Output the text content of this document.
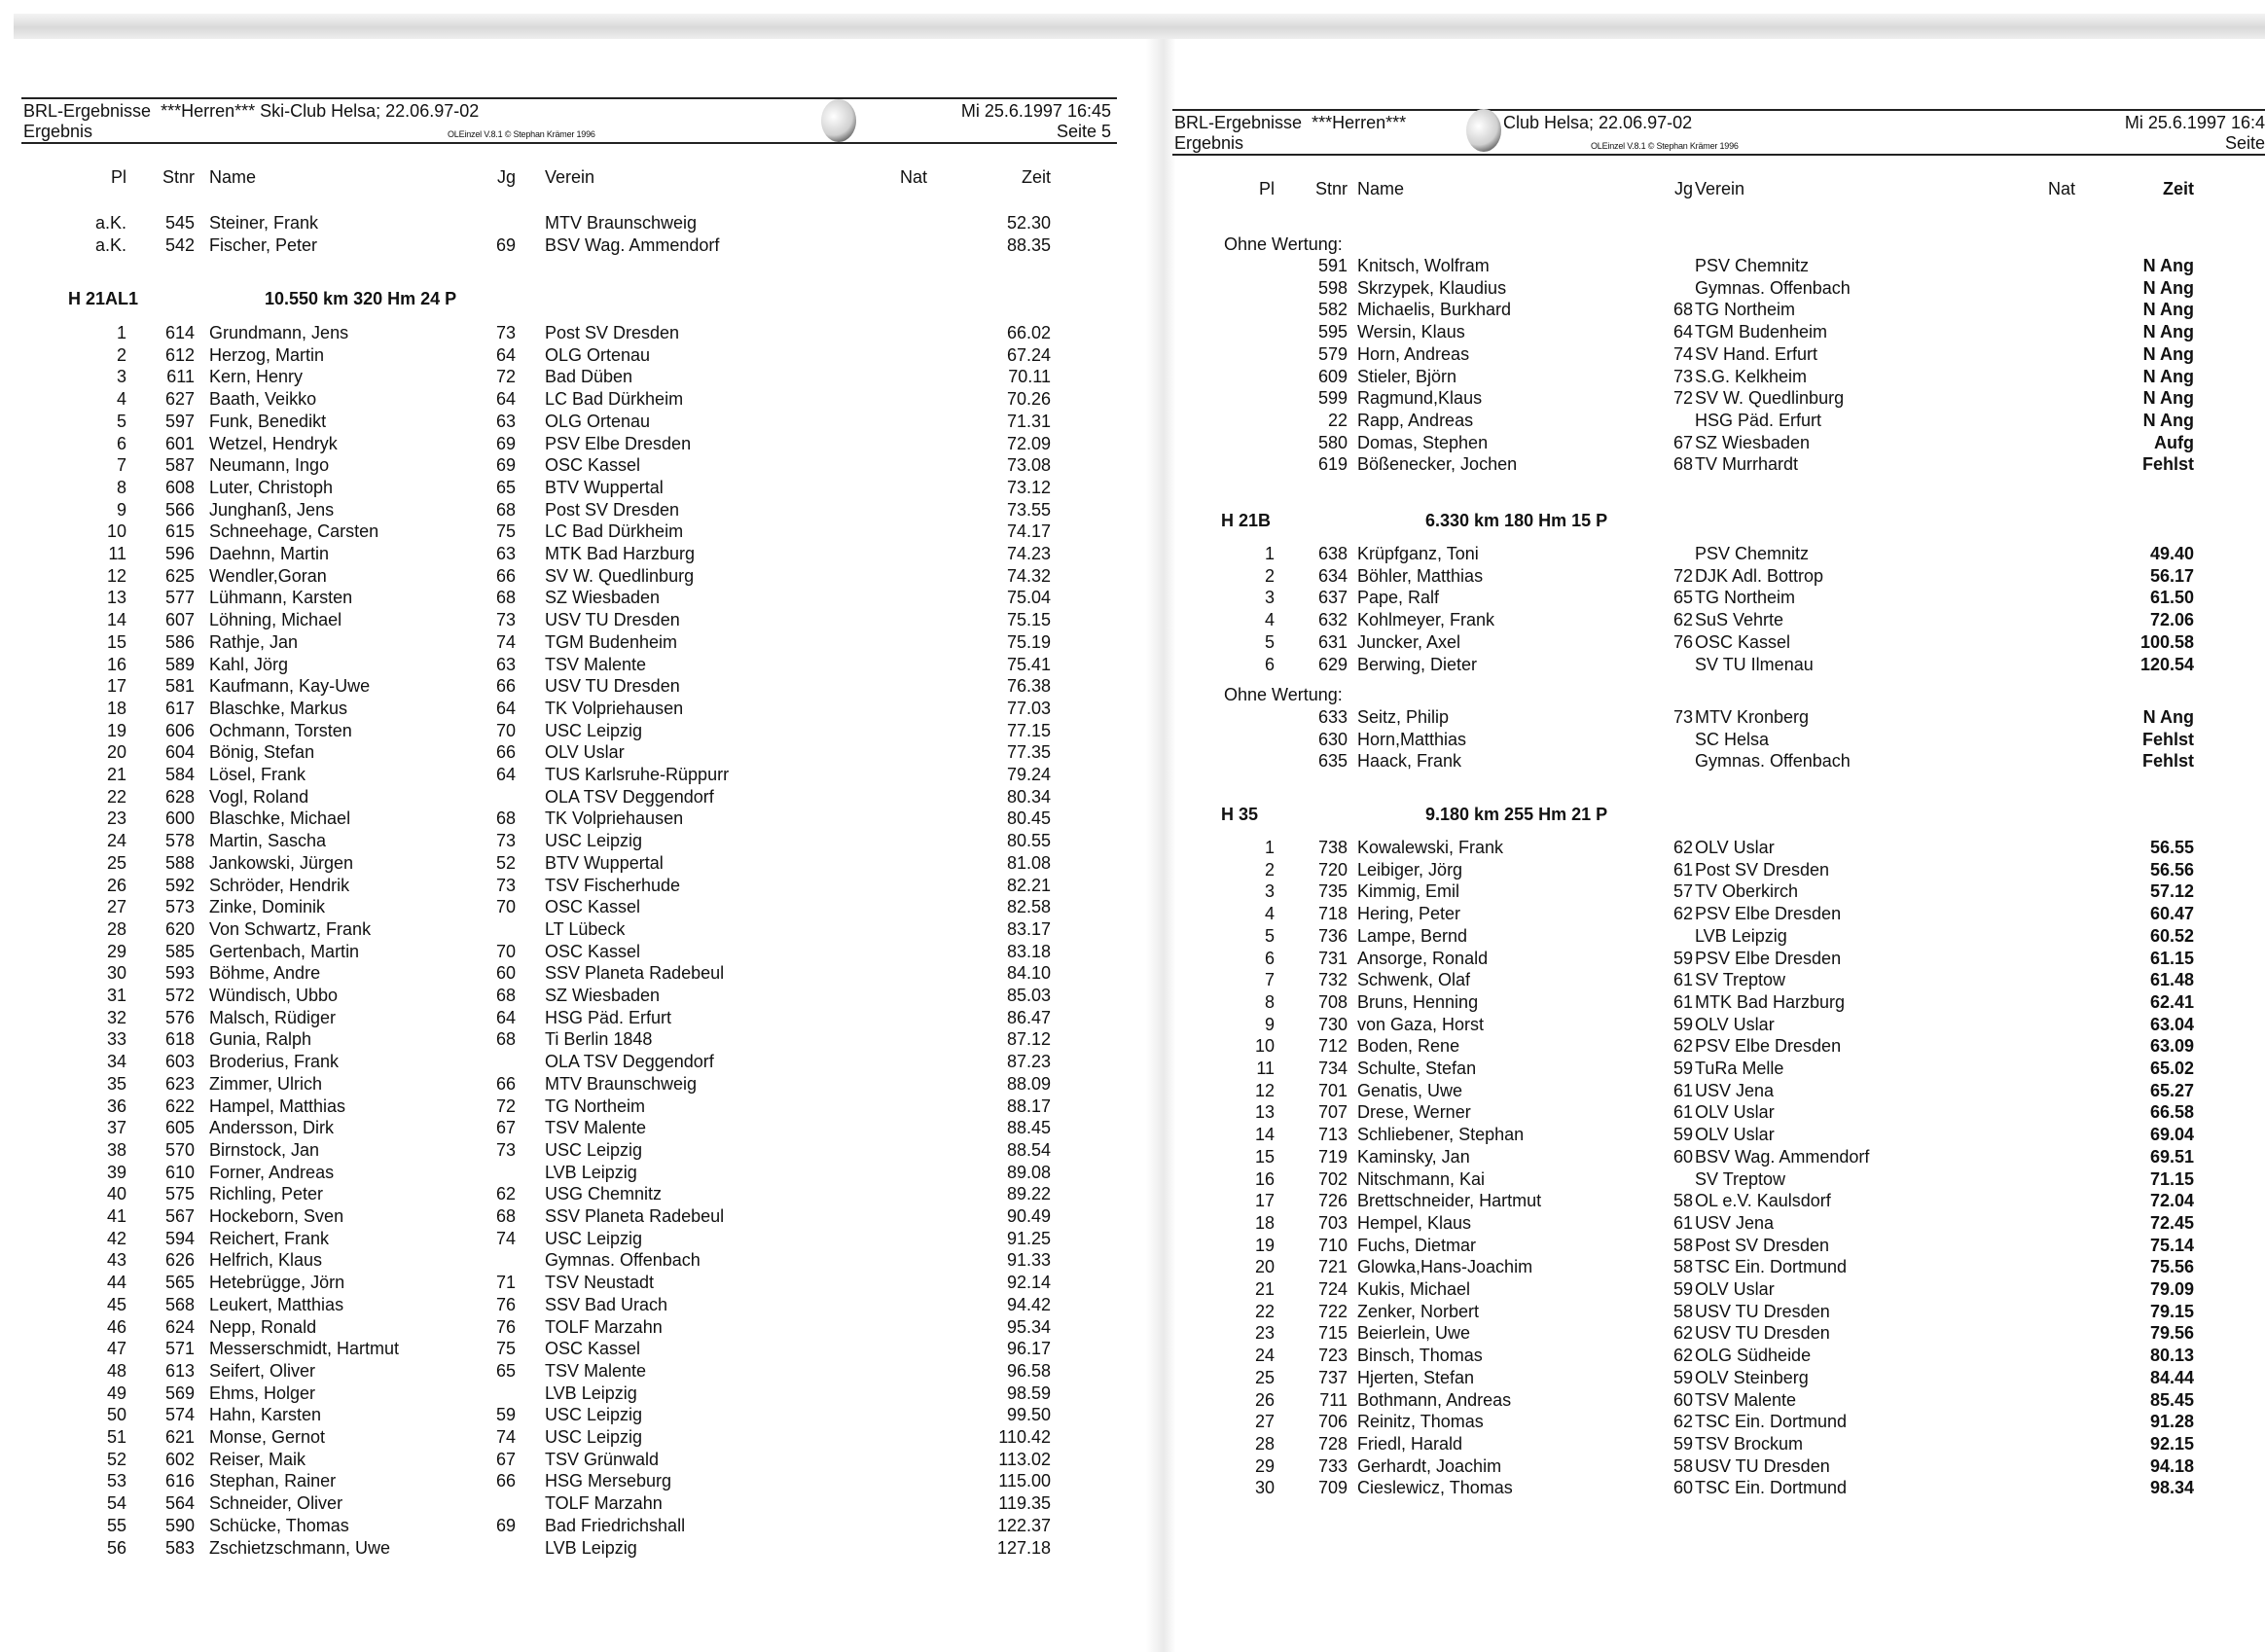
BRL-Ergebnisse  ***Herren*** Ski-Club Helsa; 22.06.97-02
Ergebnis	OLEinzel V.8.1 © Stephan Krämer 1996
Mi 25.6.1997 16:45
Seite 5
Pl	Stnr Name	Jg Verein	Nat	Zeit
a.K.	545 Steiner, Frank	MTV Braunschweig	52.30
a.K.	542 Fischer, Peter	69 BSV Wag. Ammendorf	88.35
H 21AL1	10.550 km 320 Hm 24 P
1	614 Grundmann, Jens	73 Post SV Dresden	66.02
2	612 Herzog, Martin	64 OLG Ortenau	67.24
3	611 Kern, Henry	72 Bad Düben	70.11
4	627 Baath, Veikko	64 LC Bad Dürkheim	70.26
5	597 Funk, Benedikt	63 OLG Ortenau	71.31
6	601 Wetzel, Hendryk	69 PSV Elbe Dresden	72.09
7	587 Neumann, Ingo	69 OSC Kassel	73.08
8	608 Luter, Christoph	65 BTV Wuppertal	73.12
9	566 Junghanß, Jens	68 Post SV Dresden	73.55
10	615 Schneehage, Carsten	75 LC Bad Dürkheim	74.17
11	596 Daehnn, Martin	63 MTK Bad Harzburg	74.23
12	625 Wendler,Goran	66 SV W. Quedlinburg	74.32
13	577 Lühmann, Karsten	68 SZ Wiesbaden	75.04
14	607 Löhning, Michael	73 USV TU Dresden	75.15
15	586 Rathje, Jan	74 TGM Budenheim	75.19
16	589 Kahl, Jörg	63 TSV Malente	75.41
17	581 Kaufmann, Kay-Uwe	66 USV TU Dresden	76.38
18	617 Blaschke, Markus	64 TK Volpriehausen	77.03
19	606 Ochmann, Torsten	70 USC Leipzig	77.15
20	604 Bönig, Stefan	66 OLV Uslar	77.35
21	584 Lösel, Frank	64 TUS Karlsruhe-Rüppurr	79.24
22	628 Vogl, Roland	OLA TSV Deggendorf	80.34
23	600 Blaschke, Michael	68 TK Volpriehausen	80.45
24	578 Martin, Sascha	73 USC Leipzig	80.55
25	588 Jankowski, Jürgen	52 BTV Wuppertal	81.08
26	592 Schröder, Hendrik	73 TSV Fischerhude	82.21
27	573 Zinke, Dominik	70 OSC Kassel	82.58
28	620 Von Schwartz, Frank	LT Lübeck	83.17
29	585 Gertenbach, Martin	70 OSC Kassel	83.18
30	593 Böhme, Andre	60 SSV Planeta Radebeul	84.10
31	572 Wündisch, Ubbo	68 SZ Wiesbaden	85.03
32	576 Malsch, Rüdiger	64 HSG Päd. Erfurt	86.47
33	618 Gunia, Ralph	68 Ti Berlin 1848	87.12
34	603 Broderius, Frank	OLA TSV Deggendorf	87.23
35	623 Zimmer, Ulrich	66 MTV Braunschweig	88.09
36	622 Hampel, Matthias	72 TG Northeim	88.17
37	605 Andersson, Dirk	67 TSV Malente	88.45
38	570 Birnstock, Jan	73 USC Leipzig	88.54
39	610 Forner, Andreas	LVB Leipzig	89.08
40	575 Richling, Peter	62 USG Chemnitz	89.22
41	567 Hockeborn, Sven	68 SSV Planeta Radebeul	90.49
42	594 Reichert, Frank	74 USC Leipzig	91.25
43	626 Helfrich, Klaus	Gymnas. Offenbach	91.33
44	565 Hetebrügge, Jörn	71 TSV Neustadt	92.14
45	568 Leukert, Matthias	76 SSV Bad Urach	94.42
46	624 Nepp, Ronald	76 TOLF Marzahn	95.34
47	571 Messerschmidt, Hartmut	75 OSC Kassel	96.17
48	613 Seifert, Oliver	65 TSV Malente	96.58
49	569 Ehms, Holger	LVB Leipzig	98.59
50	574 Hahn, Karsten	59 USC Leipzig	99.50
51	621 Monse, Gernot	74 USC Leipzig	110.42
52	602 Reiser, Maik	67 TSV Grünwald	113.02
53	616 Stephan, Rainer	66 HSG Merseburg	115.00
54	564 Schneider, Oliver	TOLF Marzahn	119.35
55	590 Schücke, Thomas	69 Bad Friedrichshall	122.37
56	583 Zschietzschmann, Uwe	LVB Leipzig	127.18
BRL-Ergebnisse  ***Herren***	Club Helsa; 22.06.97-02
Ergebnis	OLEinzel V.8.1 © Stephan Krämer 1996
Mi 25.6.1997 16:4
Seite
Pl	Stnr Name	Jg Verein	Nat	Zeit
Ohne Wertung:
591 Knitsch, Wolfram	PSV Chemnitz	N Ang
598 Skrzypek, Klaudius	Gymnas. Offenbach	N Ang
582 Michaelis, Burkhard	68 TG Northeim	N Ang
595 Wersin, Klaus	64 TGM Budenheim	N Ang
579 Horn, Andreas	74 SV Hand. Erfurt	N Ang
609 Stieler, Björn	73 S.G. Kelkheim	N Ang
599 Ragmund,Klaus	72 SV W. Quedlinburg	N Ang
22 Rapp, Andreas	HSG Päd. Erfurt	N Ang
580 Domas, Stephen	67 SZ Wiesbaden	Aufg
619 Bößenecker, Jochen	68 TV Murrhardt	Fehlst
H 21B	6.330 km 180 Hm 15 P
1	638 Krüpfganz, Toni	PSV Chemnitz	49.40
2	634 Böhler, Matthias	72 DJK Adl. Bottrop	56.17
3	637 Pape, Ralf	65 TG Northeim	61.50
4	632 Kohlmeyer, Frank	62 SuS Vehrte	72.06
5	631 Juncker, Axel	76 OSC Kassel	100.58
6	629 Berwing, Dieter	SV TU Ilmenau	120.54
Ohne Wertung:
633 Seitz, Philip	73 MTV Kronberg	N Ang
630 Horn,Matthias	SC Helsa	Fehlst
635 Haack, Frank	Gymnas. Offenbach	Fehlst
H 35	9.180 km 255 Hm 21 P
1	738 Kowalewski, Frank	62 OLV Uslar	56.55
2	720 Leibiger, Jörg	61 Post SV Dresden	56.56
3	735 Kimmig, Emil	57 TV Oberkirch	57.12
4	718 Hering, Peter	62 PSV Elbe Dresden	60.47
5	736 Lampe, Bernd	LVB Leipzig	60.52
6	731 Ansorge, Ronald	59 PSV Elbe Dresden	61.15
7	732 Schwenk, Olaf	61 SV Treptow	61.48
8	708 Bruns, Henning	61 MTK Bad Harzburg	62.41
9	730 von Gaza, Horst	59 OLV Uslar	63.04
10	712 Boden, Rene	62 PSV Elbe Dresden	63.09
11	734 Schulte, Stefan	59 TuRa Melle	65.02
12	701 Genatis, Uwe	61 USV Jena	65.27
13	707 Drese, Werner	61 OLV Uslar	66.58
14	713 Schliebener, Stephan	59 OLV Uslar	69.04
15	719 Kaminsky, Jan	60 BSV Wag. Ammendorf	69.51
16	702 Nitschmann, Kai	SV Treptow	71.15
17	726 Brettschneider, Hartmut	58 OL e.V. Kaulsdorf	72.04
18	703 Hempel, Klaus	61 USV Jena	72.45
19	710 Fuchs, Dietmar	58 Post SV Dresden	75.14
20	721 Glowka,Hans-Joachim	58 TSC Ein. Dortmund	75.56
21	724 Kukis, Michael	59 OLV Uslar	79.09
22	722 Zenker, Norbert	58 USV TU Dresden	79.15
23	715 Beierlein, Uwe	62 USV TU Dresden	79.56
24	723 Binsch, Thomas	62 OLG Südheide	80.13
25	737 Hjerten, Stefan	59 OLV Steinberg	84.44
26	711 Bothmann, Andreas	60 TSV Malente	85.45
27	706 Reinitz, Thomas	62 TSC Ein. Dortmund	91.28
28	728 Friedl, Harald	59 TSV Brockum	92.15
29	733 Gerhardt, Joachim	58 USV TU Dresden	94.18
30	709 Cieslewicz, Thomas	60 TSC Ein. Dortmund	98.34
